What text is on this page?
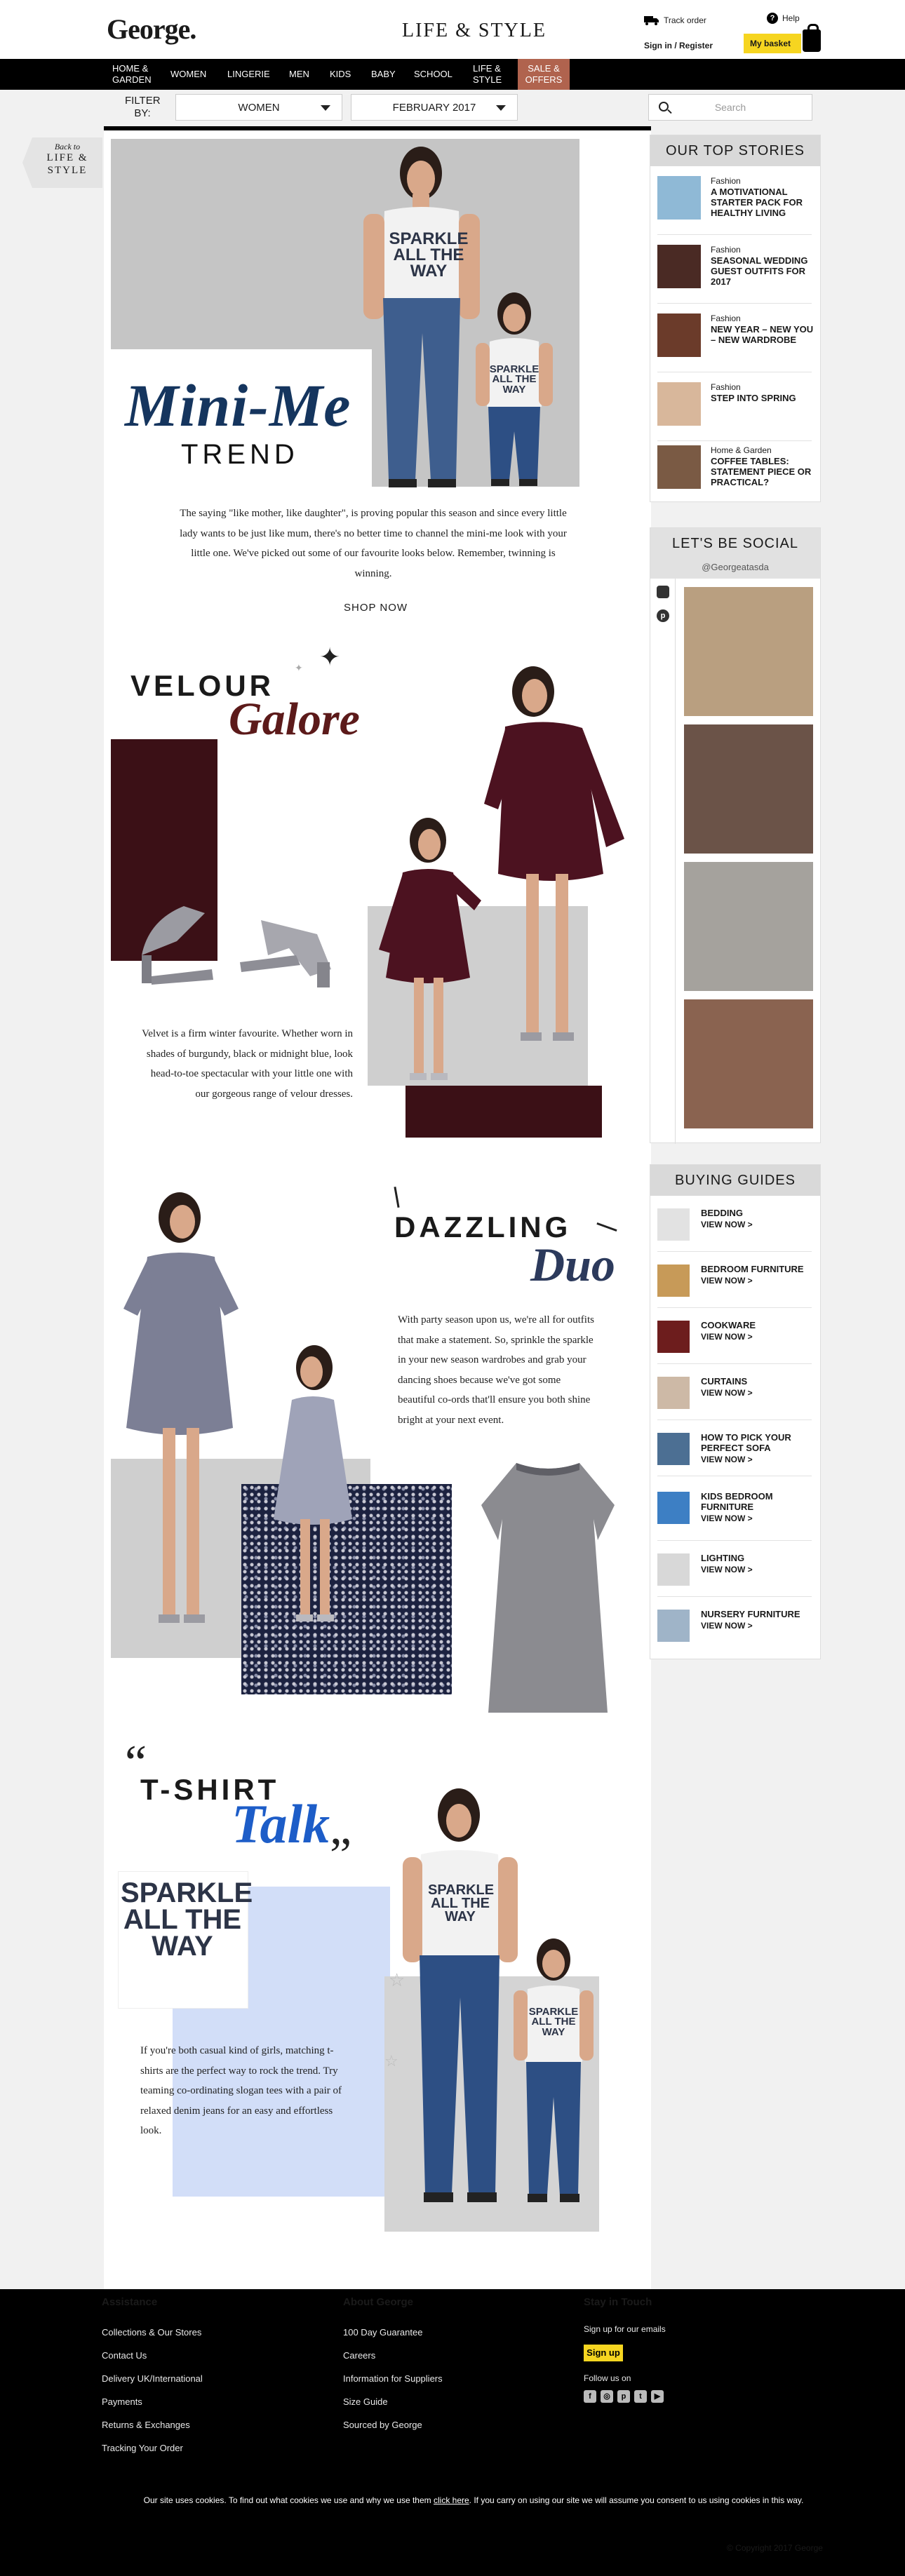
George.	LIFE & STYLE	Track order	? Help
Sign in / Register	My basket
HOME & GARDEN
WOMEN LINGERIE MEN KIDS BABY SCHOOL
LIFE & STYLE
SALE & OFFERS
FILTER BY:	WOMEN	FEBRUARY 2017	Search
Back to
LIFE &
STYLE
SPARKLE ALL THE WAY
SPARKLE ALL THE WAY
Mini-Me
TREND
The saying "like mother, like daughter", is proving popular this season and since every little lady wants to be just like mum, there's no better time to channel the mini-me look with your little one. We've picked out some of our favourite looks below. Remember, twinning is winning.
SHOP NOW
VELOUR
Galore
✦
✦
Velvet is a firm winter favourite. Whether worn in shades of burgundy, black or midnight blue, look head-to-toe spectacular with your little one with our gorgeous range of velour dresses.
DAZZLING
Duo
With party season upon us, we're all for outfits that make a statement. So, sprinkle the sparkle in your new season wardrobes and grab your dancing shoes because we've got some beautiful co-ords that'll ensure you both shine bright at your next event.
“
T-SHIRT
Talk
”
SPARKLE ALL THE WAY
If you're both casual kind of girls, matching t-shirts are the perfect way to rock the trend. Try teaming co-ordinating slogan tees with a pair of relaxed denim jeans for an easy and effortless look.
☆
☆
SPARKLE ALL THE WAY
SPARKLE ALL THE WAY
OUR TOP STORIES
Fashion
A MOTIVATIONAL STARTER PACK FOR HEALTHY LIVING
Fashion
SEASONAL WEDDING GUEST OUTFITS FOR 2017
Fashion
NEW YEAR – NEW YOU – NEW WARDROBE
Fashion
STEP INTO SPRING
Home & Garden
COFFEE TABLES: STATEMENT PIECE OR PRACTICAL?
LET'S BE SOCIAL
@Georgeatasda
p
BUYING GUIDES
BEDDING
VIEW NOW >
BEDROOM FURNITURE
VIEW NOW >
COOKWARE
VIEW NOW >
CURTAINS
VIEW NOW >
HOW TO PICK YOUR PERFECT SOFA
VIEW NOW >
KIDS BEDROOM FURNITURE
VIEW NOW >
LIGHTING
VIEW NOW >
NURSERY FURNITURE
VIEW NOW >
Assistance
Collections & Our Stores
Contact Us
Delivery UK/International
Payments
Returns & Exchanges
Tracking Your Order
About George
100 Day Guarantee
Careers
Information for Suppliers
Size Guide
Sourced by George
Stay in Touch
Sign up for our emails
Sign up
Follow us on
f	◎	p	t	▶
Our site uses cookies. To find out what cookies we use and why we use them click here. If you carry on using our site we will assume you consent to us using cookies in this way.
© Copyright 2017 George
